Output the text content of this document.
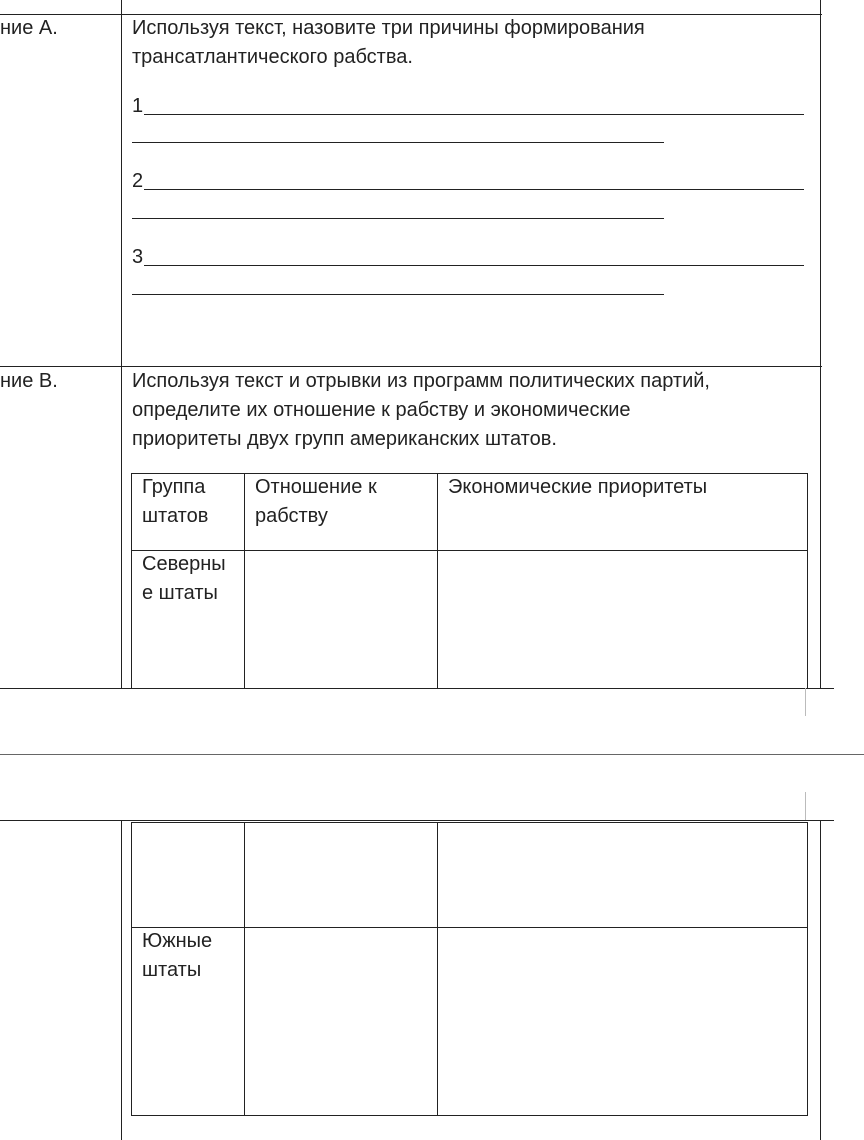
ние А.	Используя текст, назовите три причины формирования
трансатлантического рабства.
1
2
3
ние В.	Используя текст и отрывки из программ политических партий,
определите их отношение к рабству и экономические
приоритеты двух групп американских штатов.
Группа
штатов
Отношение к
рабству
Экономические приоритеты
Северны
е штаты
Южные
штаты
